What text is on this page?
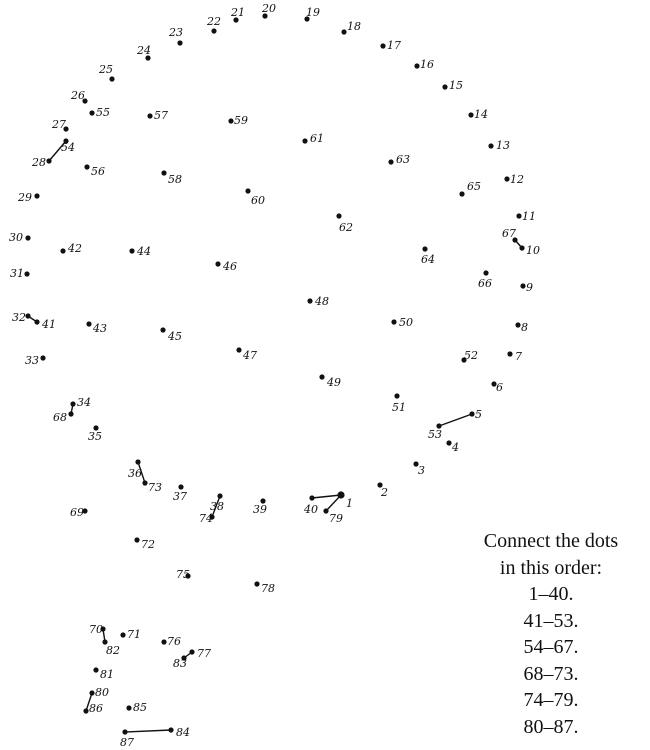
1
2
3
4
5
6
7
8
9
10
11
12
13
14
15
16
17
18
19
20
21
22
23
24
25
26
27
28
29
30
31
32
33
34
35
36
37
38	39	40
41
42
43
44
45
46
47
48
49
50
51
52
53
54
55
56
57
58
59
60
61
62
63
64
65
66
67
68
69
70 71
72
73
74
75
76
77
78
79
80
81
82
83
84
85
86
87
Connect the dots
in this order:
1–40.
41–53.
54–67.
68–73.
74–79.
80–87.
